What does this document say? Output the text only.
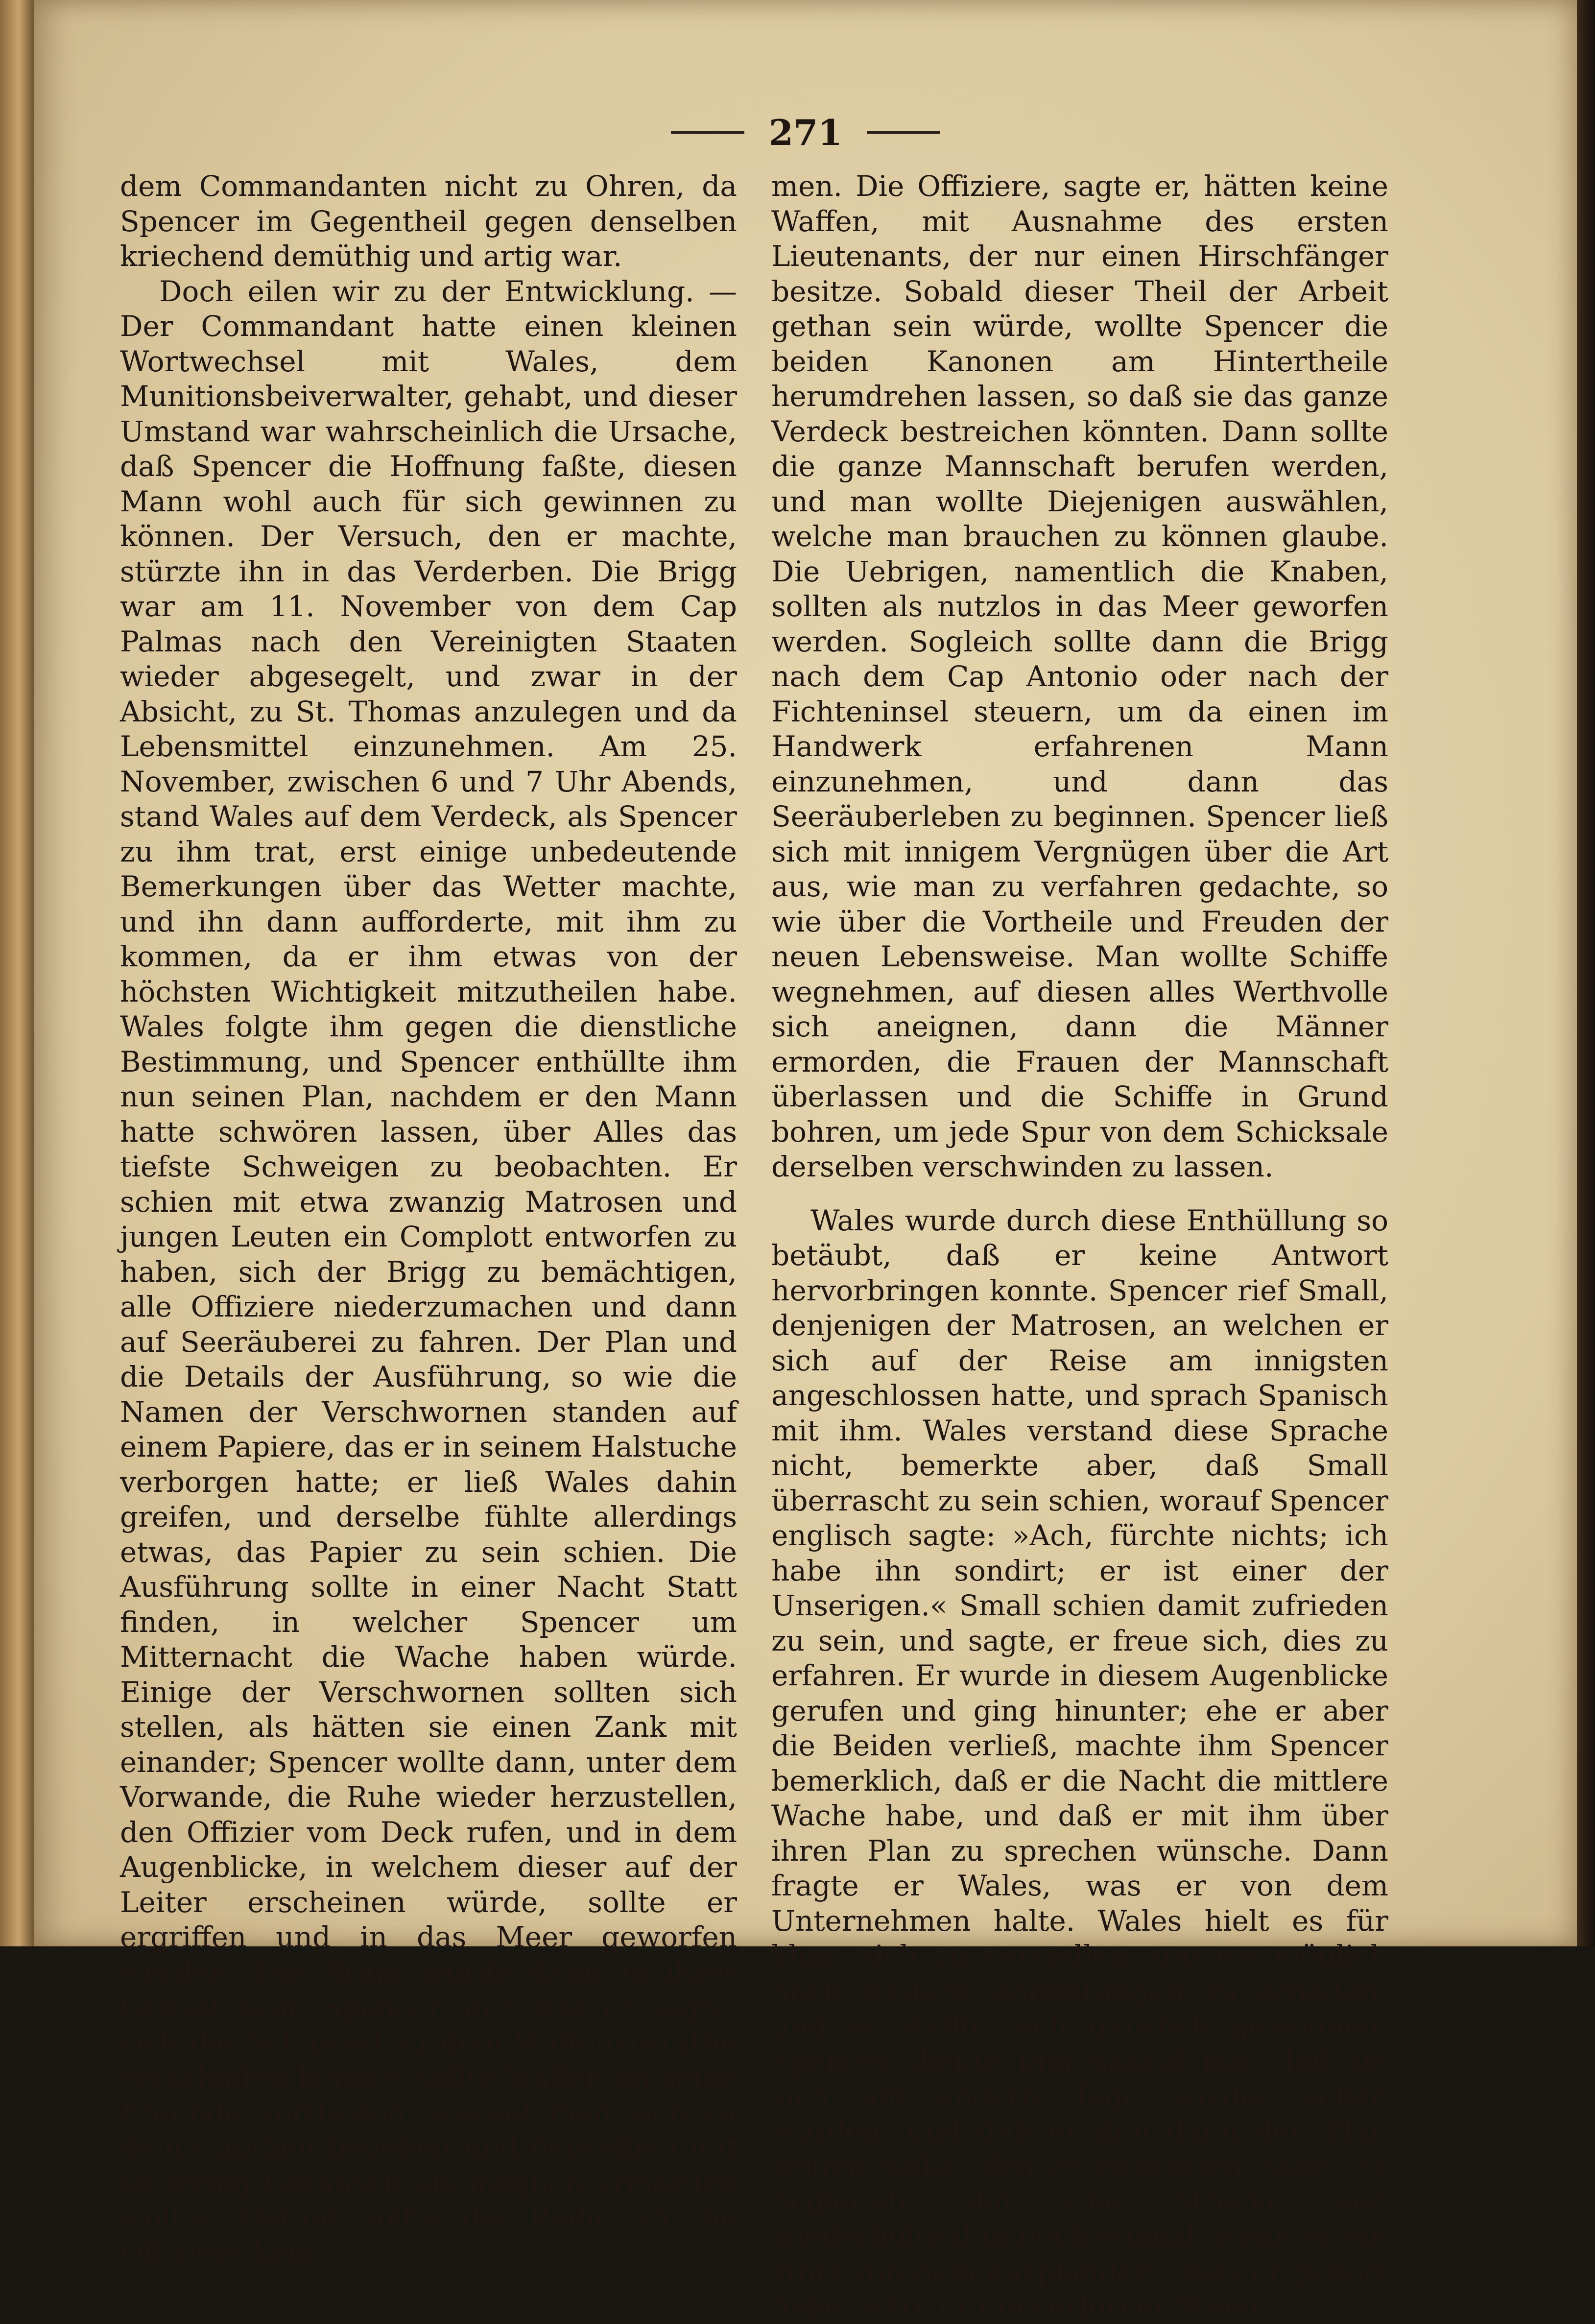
271

dem Commandanten nicht zu Ohren, da Spencer im Gegentheil gegen denselben kriechend demüthig und artig war.

Doch eilen wir zu der Entwicklung. — Der Commandant hatte einen kleinen Wortwechsel mit Wales, dem Munitionsbeiverwalter, gehabt, und dieser Umstand war wahrscheinlich die Ursache, daß Spencer die Hoffnung faßte, diesen Mann wohl auch für sich gewinnen zu können. Der Versuch, den er machte, stürzte ihn in das Verderben. Die Brigg war am 11. November von dem Cap Palmas nach den Vereinigten Staaten wieder abgesegelt, und zwar in der Absicht, zu St. Thomas anzulegen und da Lebensmittel einzunehmen. Am 25. November, zwischen 6 und 7 Uhr Abends, stand Wales auf dem Verdeck, als Spencer zu ihm trat, erst einige unbedeutende Bemerkungen über das Wetter machte, und ihn dann aufforderte, mit ihm zu kommen, da er ihm etwas von der höchsten Wichtigkeit mitzutheilen habe. Wales folgte ihm gegen die dienstliche Bestimmung, und Spencer enthüllte ihm nun seinen Plan, nachdem er den Mann hatte schwören lassen, über Alles das tiefste Schweigen zu beobachten. Er schien mit etwa zwanzig Matrosen und jungen Leuten ein Complott entworfen zu haben, sich der Brigg zu bemächtigen, alle Offiziere niederzumachen und dann auf Seeräuberei zu fahren. Der Plan und die Details der Ausführung, so wie die Namen der Verschwornen standen auf einem Papiere, das er in seinem Halstuche verborgen hatte; er ließ Wales dahin greifen, und derselbe fühlte allerdings etwas, das Papier zu sein schien. Die Ausführung sollte in einer Nacht Statt finden, in welcher Spencer um Mitternacht die Wache haben würde. Einige der Verschwornen sollten sich stellen, als hätten sie einen Zank mit einander; Spencer wollte dann, unter dem Vorwande, die Ruhe wieder herzustellen, den Offizier vom Deck rufen, und in dem Augenblicke, in welchem dieser auf der Leiter erscheinen würde, sollte er ergriffen und in das Meer geworfen werden. Die Brigg würde dann in ihrer Gewalt sein. Spencer, der, wie er sagte, sich die Schlüssel zu dem Waffenvorrathe verschaffen könnte, sollte Waffen an seine Freunde vertheilen, worauf man sich zu dem Capitain begeben und denselben mit so wenig Geräusch als möglich ermorden wollte. Darauf sollte die Reihe an die Offiziere kom-

men. Die Offiziere, sagte er, hätten keine Waffen, mit Ausnahme des ersten Lieutenants, der nur einen Hirschfänger besitze. Sobald dieser Theil der Arbeit gethan sein würde, wollte Spencer die beiden Kanonen am Hintertheile herumdrehen lassen, so daß sie das ganze Verdeck bestreichen könnten. Dann sollte die ganze Mannschaft berufen werden, und man wollte Diejenigen auswählen, welche man brauchen zu können glaube. Die Uebrigen, namentlich die Knaben, sollten als nutzlos in das Meer geworfen werden. Sogleich sollte dann die Brigg nach dem Cap Antonio oder nach der Fichteninsel steuern, um da einen im Handwerk erfahrenen Mann einzunehmen, und dann das Seeräuberleben zu beginnen. Spencer ließ sich mit innigem Vergnügen über die Art aus, wie man zu verfahren gedachte, so wie über die Vortheile und Freuden der neuen Lebensweise. Man wollte Schiffe wegnehmen, auf diesen alles Werthvolle sich aneignen, dann die Männer ermorden, die Frauen der Mannschaft überlassen und die Schiffe in Grund bohren, um jede Spur von dem Schicksale derselben verschwinden zu lassen.

Wales wurde durch diese Enthüllung so betäubt, daß er keine Antwort hervorbringen konnte. Spencer rief Small, denjenigen der Matrosen, an welchen er sich auf der Reise am innigsten angeschlossen hatte, und sprach Spanisch mit ihm. Wales verstand diese Sprache nicht, bemerkte aber, daß Small überrascht zu sein schien, worauf Spencer englisch sagte: »Ach, fürchte nichts; ich habe ihn sondirt; er ist einer der Unserigen.« Small schien damit zufrieden zu sein, und sagte, er freue sich, dies zu erfahren. Er wurde in diesem Augenblicke gerufen und ging hinunter; ehe er aber die Beiden verließ, machte ihm Spencer bemerklich, daß er die Nacht die mittlere Wache habe, und daß er mit ihm über ihren Plan zu sprechen wünsche. Dann fragte er Wales, was er von dem Unternehmen halte. Wales hielt es für klug, sich zu verstellen, um wo möglich noch weitere Andeutungen zu erhalten, und er stellte sich gänzlich gewonnen. Spencer theilte ihm darauf mit, daß sie sich am andern Tage wieder sehen würden, und daß er ihm dann den Plan zeigen wolle, den er entworfen habe. Er begleitete ihn eine Strecke und wiederholte ihm noch einmal, wenn er ein Wort von dem ausplaudere, was er gehört habe, wäre er ein verlorner Mann.
